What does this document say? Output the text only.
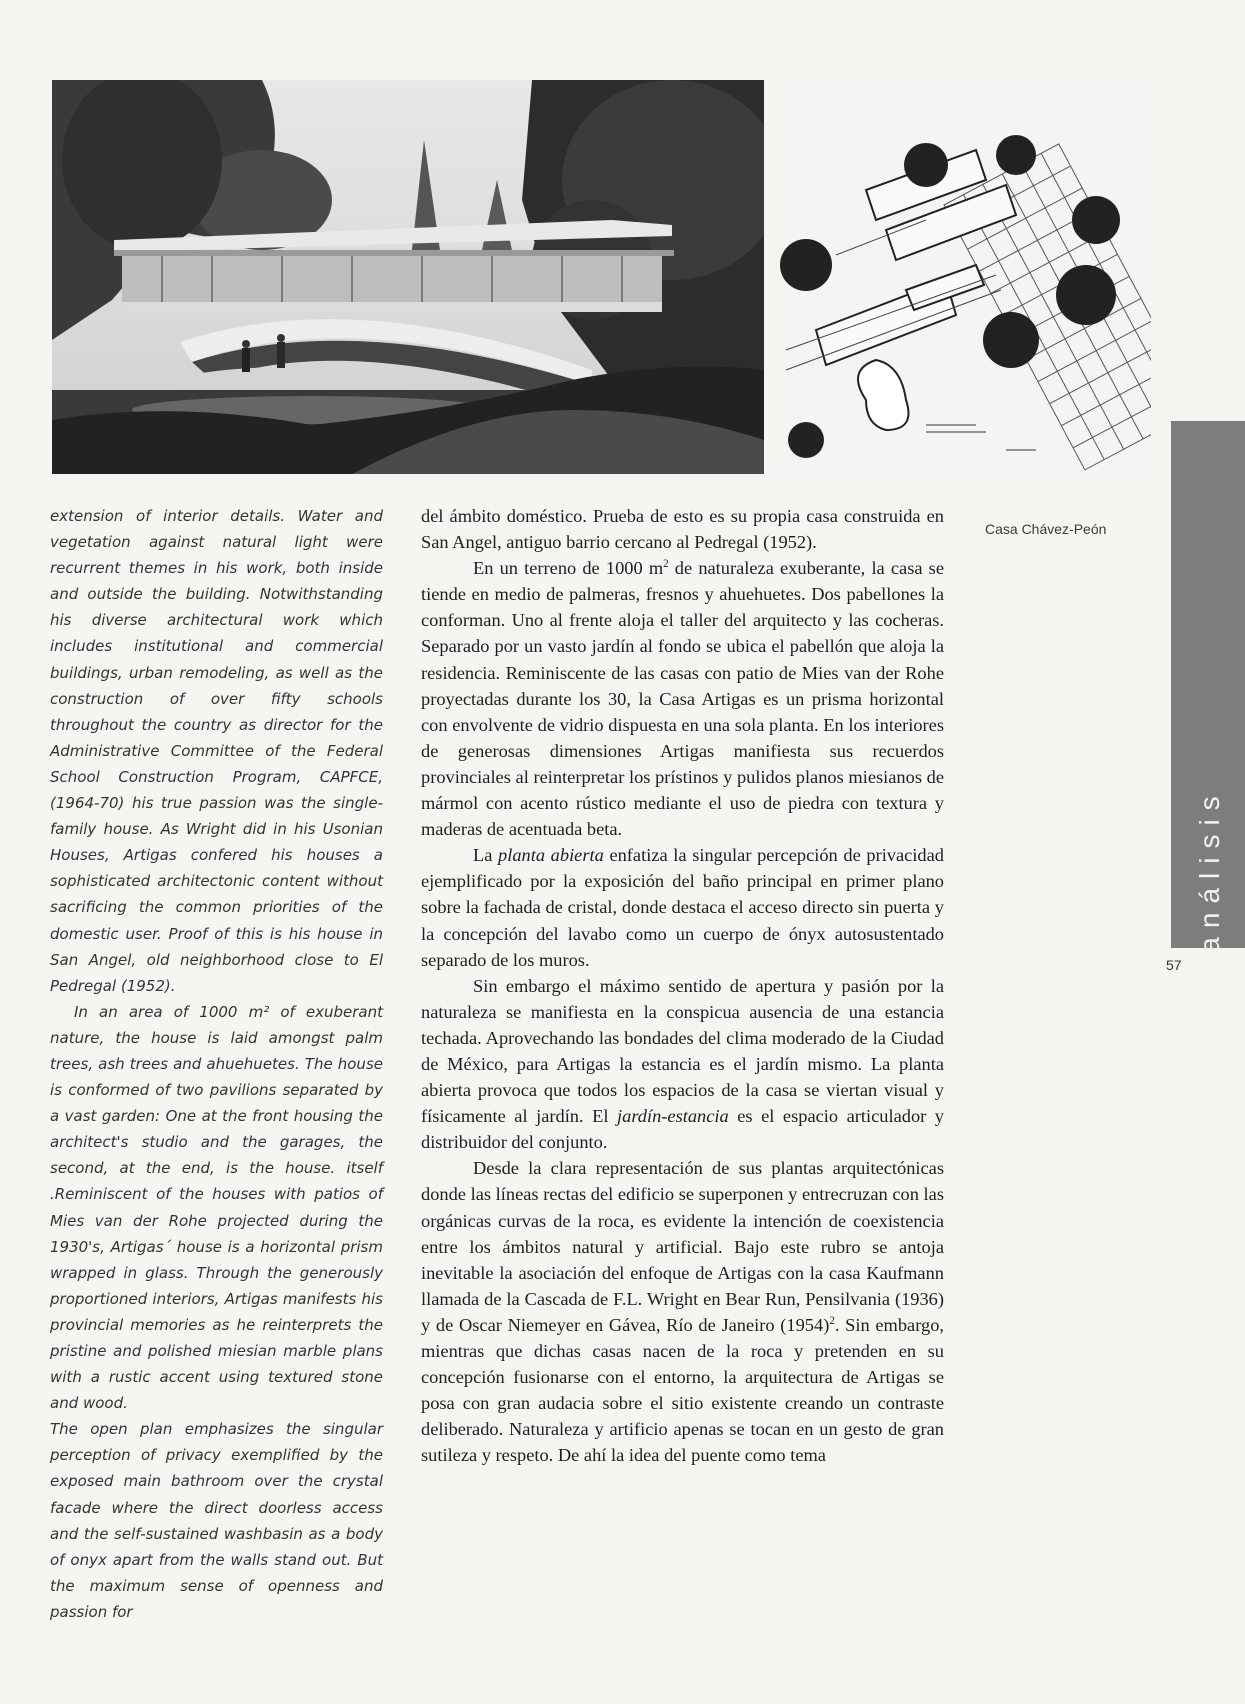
extension of interior details. Water and vegetation against natural light were recurrent themes in his work, both inside and outside the building. Notwithstanding his diverse architectural work which includes institutional and commercial buildings, urban remodeling, as well as the construction of over fifty schools throughout the country as director for the Administrative Committee of the Federal School Construction Program, CAPFCE, (1964-70) his true passion was the single-family house. As Wright did in his Usonian Houses, Artigas confered his houses a sophisticated architectonic content without sacrificing the common priorities of the domestic user. Proof of this is his house in San Angel, old neighborhood close to El Pedregal (1952).

In an area of 1000 m² of exuberant nature, the house is laid amongst palm trees, ash trees and ahuehuetes. The house is conformed of two pavilions separated by a vast garden: One at the front housing the architect's studio and the garages, the second, at the end, is the house. itself .Reminiscent of the houses with patios of Mies van der Rohe projected during the 1930's, Artigas´ house is a horizontal prism wrapped in glass. Through the generously proportioned interiors, Artigas manifests his provincial memories as he reinterprets the pristine and polished miesian marble plans with a rustic accent using textured stone and wood.

The open plan emphasizes the singular perception of privacy exemplified by the exposed main bathroom over the crystal facade where the direct doorless access and the self-sustained washbasin as a body of onyx apart from the walls stand out. But the maximum sense of openness and passion for

del ámbito doméstico. Prueba de esto es su propia casa construida en San Angel, antiguo barrio cercano al Pedregal (1952).

En un terreno de 1000 $m^2$ de naturaleza exuberante, la casa se tiende en medio de palmeras, fresnos y ahuehuetes. Dos pabellones la conforman. Uno al frente aloja el taller del arquitecto y las cocheras. Separado por un vasto jardín al fondo se ubica el pabellón que aloja la residencia. Reminiscente de las casas con patio de Mies van der Rohe proyectadas durante los 30, la Casa Artigas es un prisma horizontal con envolvente de vidrio dispuesta en una sola planta. En los interiores de generosas dimensiones Artigas manifiesta sus recuerdos provinciales al reinterpretar los prístinos y pulidos planos miesianos de mármol con acento rústico mediante el uso de piedra con textura y maderas de acentuada beta.

La planta abierta enfatiza la singular percepción de privacidad ejemplificado por la exposición del baño principal en primer plano sobre la fachada de cristal, donde destaca el acceso directo sin puerta y la concepción del lavabo como un cuerpo de ónyx autosustentado separado de los muros.

Sin embargo el máximo sentido de apertura y pasión por la naturaleza se manifiesta en la conspicua ausencia de una estancia techada. Aprovechando las bondades del clima moderado de la Ciudad de México, para Artigas la estancia es el jardín mismo. La planta abierta provoca que todos los espacios de la casa se viertan visual y físicamente al jardín. El jardín-estancia es el espacio articulador y distribuidor del conjunto.

Desde la clara representación de sus plantas arquitectónicas donde las líneas rectas del edificio se superponen y entrecruzan con las orgánicas curvas de la roca, es evidente la intención de coexistencia entre los ámbitos natural y artificial. Bajo este rubro se antoja inevitable la asociación del enfoque de Artigas con la casa Kaufmann llamada de la Cascada de F.L. Wright en Bear Run, Pensilvania (1936) y de Oscar Niemeyer en Gávea, Río de Janeiro $(1954)^2$. Sin embargo, mientras que dichas casas nacen de la roca y pretenden en su concepción fusionarse con el entorno, la arquitectura de Artigas se posa con gran audacia sobre el sitio existente creando un contraste deliberado. Naturaleza y artificio apenas se tocan en un gesto de gran sutileza y respeto. De ahí la idea del puente como tema

Casa Chávez-Peón
análisis
57
